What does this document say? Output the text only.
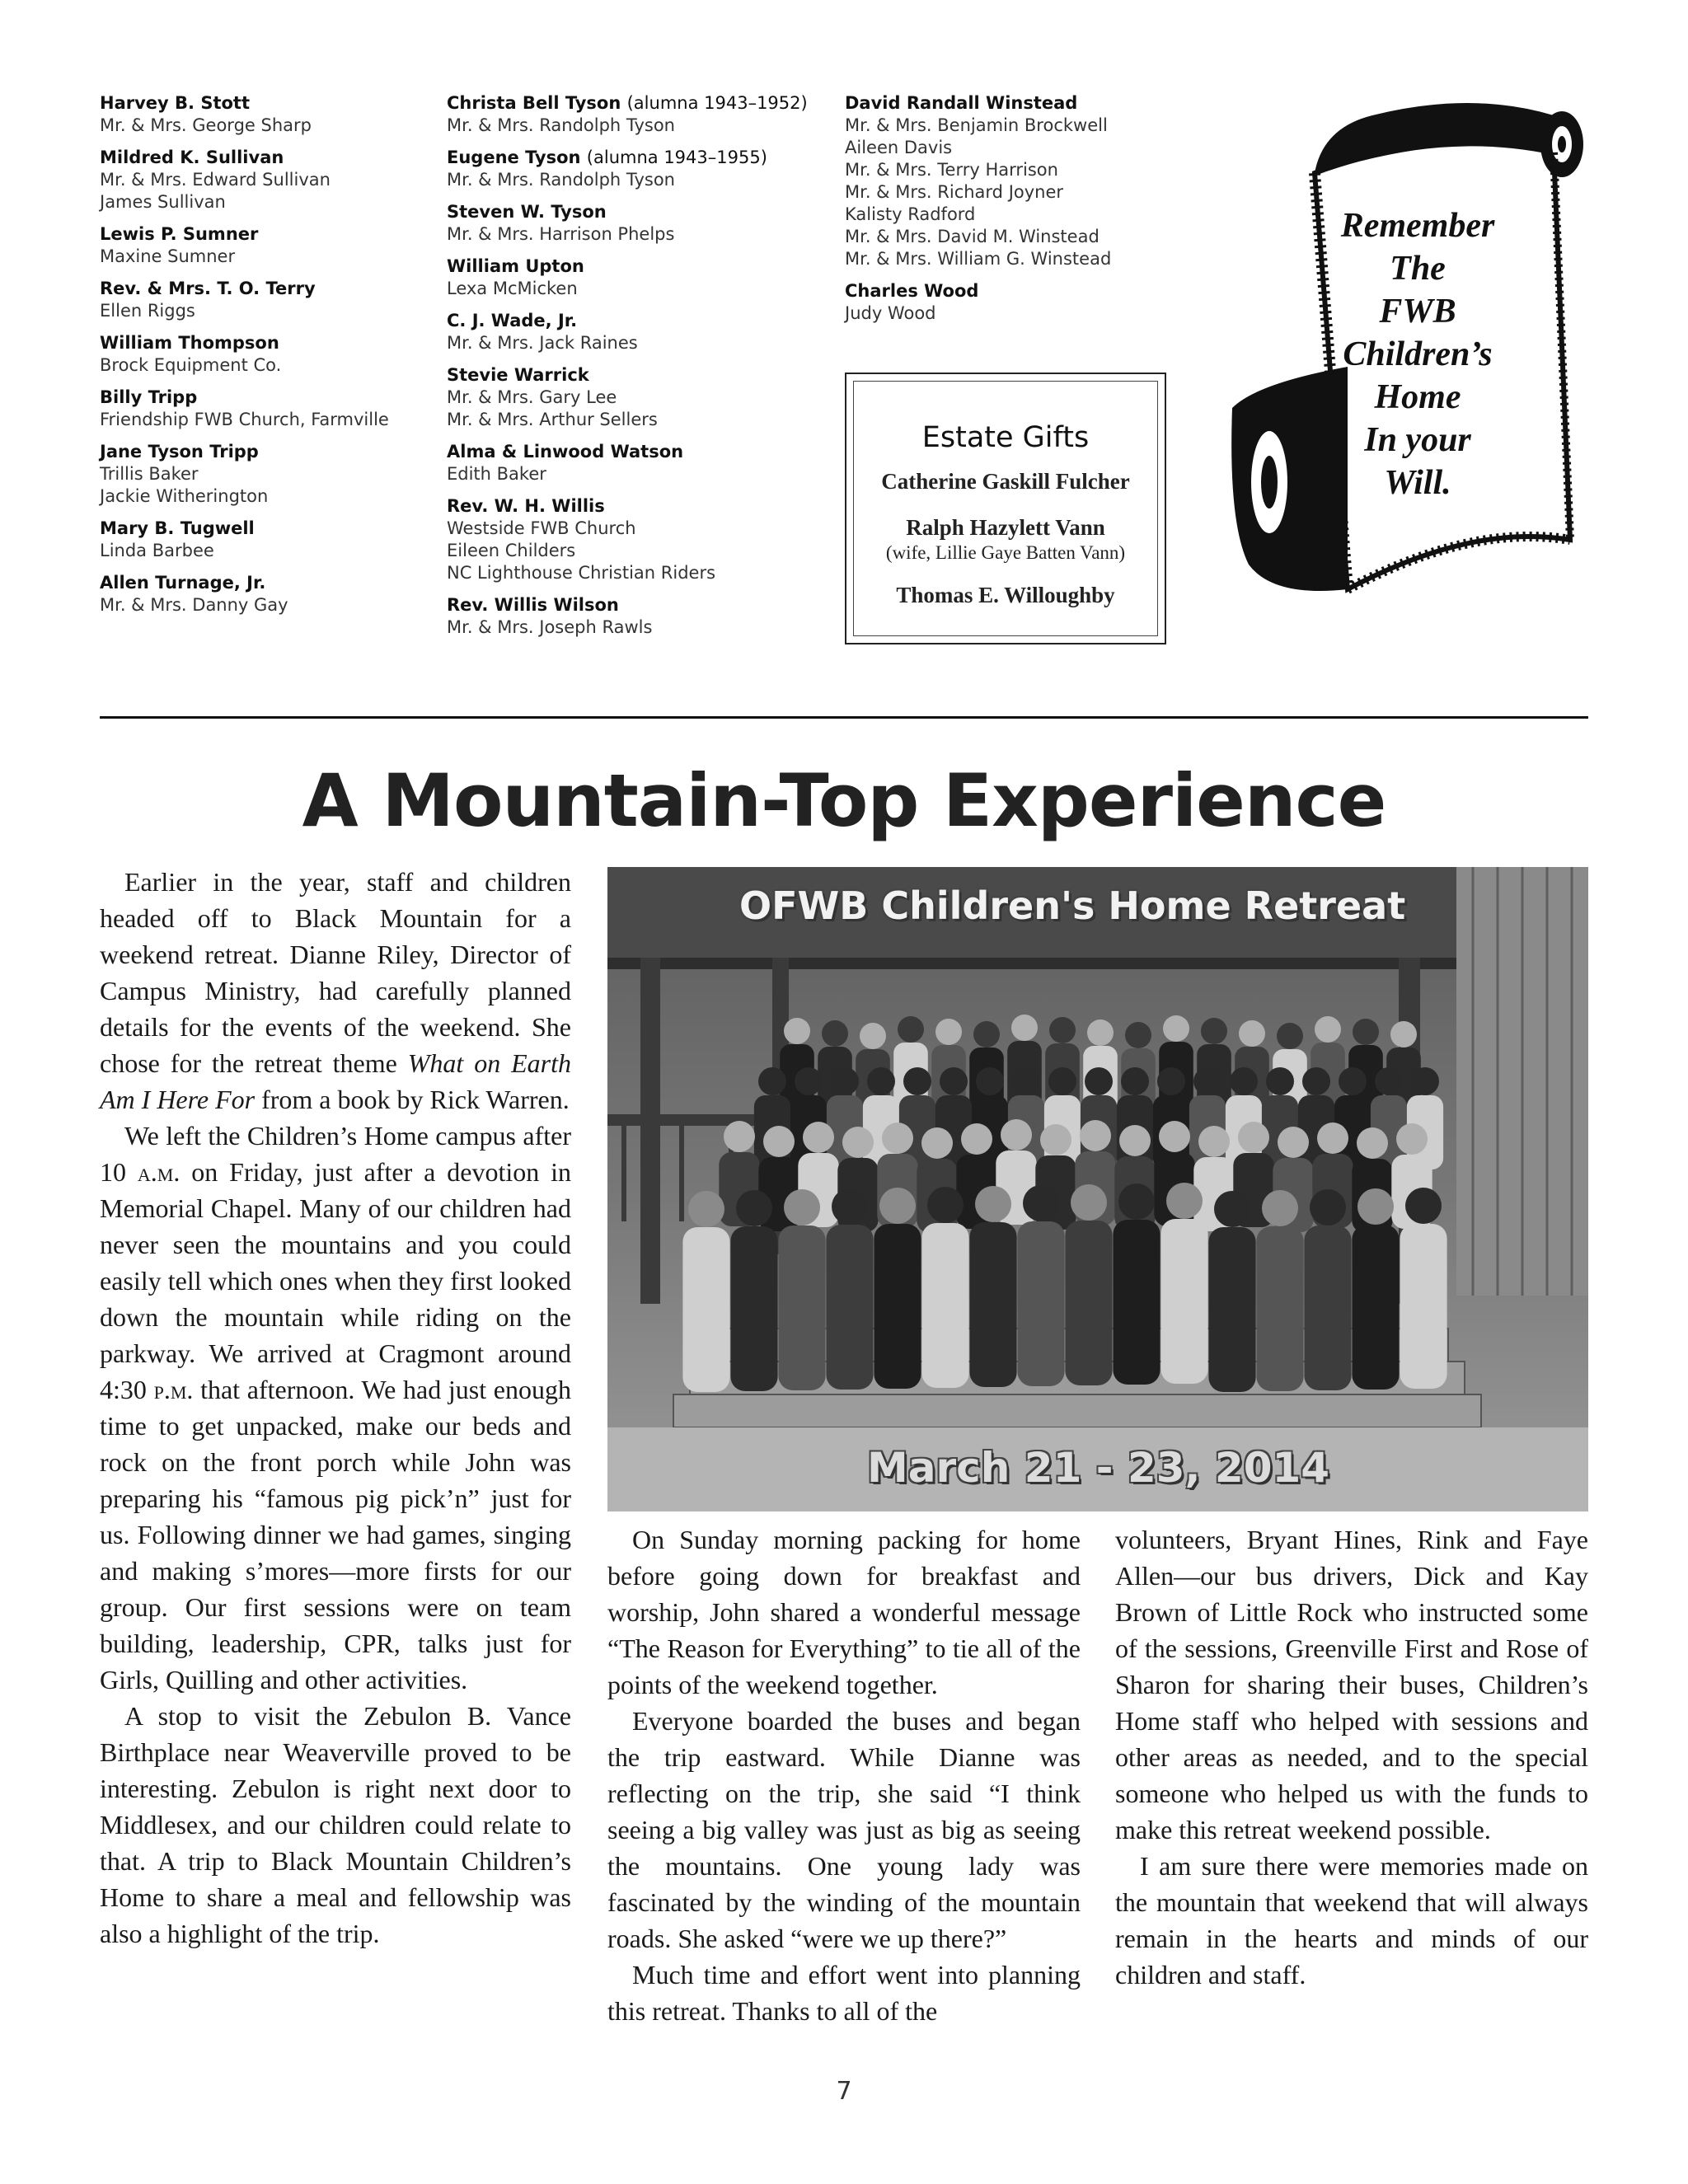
Harvey B. Stott
Mr. & Mrs. George Sharp
Mildred K. Sullivan
Mr. & Mrs. Edward Sullivan
James Sullivan
Lewis P. Sumner
Maxine Sumner
Rev. & Mrs. T. O. Terry
Ellen Riggs
William Thompson
Brock Equipment Co.
Billy Tripp
Friendship FWB Church, Farmville
Jane Tyson Tripp
Trillis Baker
Jackie Witherington
Mary B. Tugwell
Linda Barbee
Allen Turnage, Jr.
Mr. & Mrs. Danny Gay
Christa Bell Tyson (alumna 1943–1952)
Mr. & Mrs. Randolph Tyson
Eugene Tyson (alumna 1943–1955)
Mr. & Mrs. Randolph Tyson
Steven W. Tyson
Mr. & Mrs. Harrison Phelps
William Upton
Lexa McMicken
C. J. Wade, Jr.
Mr. & Mrs. Jack Raines
Stevie Warrick
Mr. & Mrs. Gary Lee
Mr. & Mrs. Arthur Sellers
Alma & Linwood Watson
Edith Baker
Rev. W. H. Willis
Westside FWB Church
Eileen Childers
NC Lighthouse Christian Riders
Rev. Willis Wilson
Mr. & Mrs. Joseph Rawls
David Randall Winstead
Mr. & Mrs. Benjamin Brockwell
Aileen Davis
Mr. & Mrs. Terry Harrison
Mr. & Mrs. Richard Joyner
Kalisty Radford
Mr. & Mrs. David M. Winstead
Mr. & Mrs. William G. Winstead
Charles Wood
Judy Wood
Estate Gifts
Catherine Gaskill Fulcher
Ralph Hazylett Vann
(wife, Lillie Gaye Batten Vann)
Thomas E. Willoughby
Remember
The
FWB
Children’s
Home
In your
Will.
A Mountain-Top Experience

Earlier in the year, staff and children headed off to Black Mountain for a weekend retreat. Dianne Riley, Director of Campus Ministry, had carefully planned details for the events of the weekend. She chose for the retreat theme What on Earth Am I Here For from a book by Rick Warren.

We left the Children’s Home campus after 10 a.m. on Friday, just after a devotion in Memorial Chapel. Many of our children had never seen the mountains and you could easily tell which ones when they first looked down the mountain while riding on the parkway. We arrived at Cragmont around 4:30 p.m. that afternoon. We had just enough time to get unpacked, make our beds and rock on the front porch while John was preparing his “famous pig pick’n” just for us. Following dinner we had games, singing and making s’mores—more firsts for our group. Our first sessions were on team building, leadership, CPR, talks just for Girls, Quilling and other activities.

A stop to visit the Zebulon B. Vance Birthplace near Weaverville proved to be interesting. Zebulon is right next door to Middlesex, and our children could relate to that. A trip to Black Mountain Children’s Home to share a meal and fellowship was also a highlight of the trip.

OFWB Children's Home Retreat
March 21 - 23, 2014

On Sunday morning packing for home before going down for breakfast and worship, John shared a wonderful message “The Reason for Everything” to tie all of the points of the weekend together.

Everyone boarded the buses and began the trip eastward. While Dianne was reflecting on the trip, she said “I think seeing a big valley was just as big as seeing the mountains. One young lady was fascinated by the winding of the mountain roads. She asked “were we up there?”

Much time and effort went into planning this retreat. Thanks to all of the

volunteers, Bryant Hines, Rink and Faye Allen—our bus drivers, Dick and Kay Brown of Little Rock who instructed some of the sessions, Greenville First and Rose of Sharon for sharing their buses, Children’s Home staff who helped with sessions and other areas as needed, and to the special someone who helped us with the funds to make this retreat weekend possible.

I am sure there were memories made on the mountain that weekend that will always remain in the hearts and minds of our children and staff.

7
